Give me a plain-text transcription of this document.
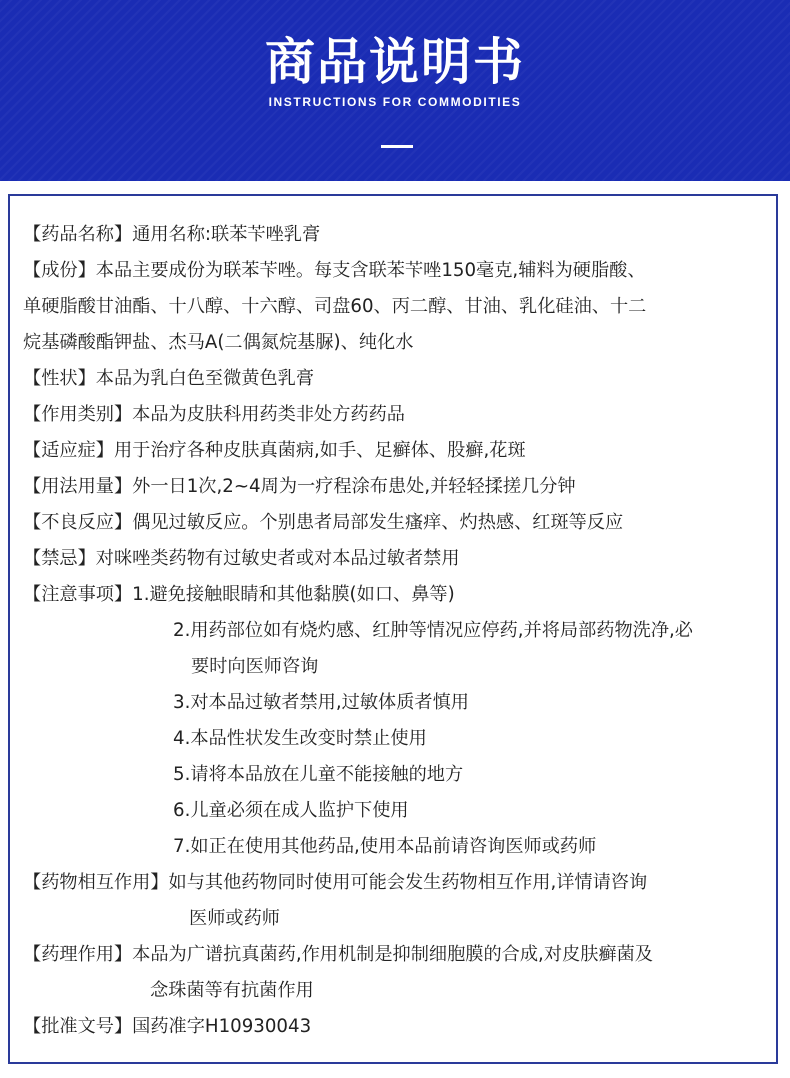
商品说明书
INSTRUCTIONS FOR COMMODITIES
【药品名称】 通用名称:联苯苄唑乳膏
【成份】 本品主要成份为联苯苄唑。每支含联苯苄唑150毫克,辅料为硬脂酸、
单硬脂酸甘油酯、十八醇、十六醇、司盘60、丙二醇、甘油、乳化硅油、十二
烷基磷酸酯钾盐、杰马A(二偶氮烷基脲)、纯化水
【性状】 本品为乳白色至微黄色乳膏
【作用类别】 本品为皮肤科用药类非处方药药品
【适应症】 用于治疗各种皮肤真菌病,如手、足癣体、股癣,花斑
【用法用量】 外一日1次,2~4周为一疗程涂布患处,并轻轻揉搓几分钟
【不良反应】 偶见过敏反应。个别患者局部发生瘙痒、灼热感、红斑等反应
【禁忌】 对咪唑类药物有过敏史者或对本品过敏者禁用
【注意事项】 1.避免接触眼睛和其他黏膜(如口、鼻等)
2.用药部位如有烧灼感、红肿等情况应停药,并将局部药物洗净,必
要时向医师咨询
3.对本品过敏者禁用,过敏体质者慎用
4.本品性状发生改变时禁止使用
5.请将本品放在儿童不能接触的地方
6.儿童必须在成人监护下使用
7.如正在使用其他药品,使用本品前请咨询医师或药师
【药物相互作用】 如与其他药物同时使用可能会发生药物相互作用,详情请咨询
医师或药师
【药理作用】 本品为广谱抗真菌药,作用机制是抑制细胞膜的合成,对皮肤癣菌及
念珠菌等有抗菌作用
【批准文号】 国药准字H10930043
